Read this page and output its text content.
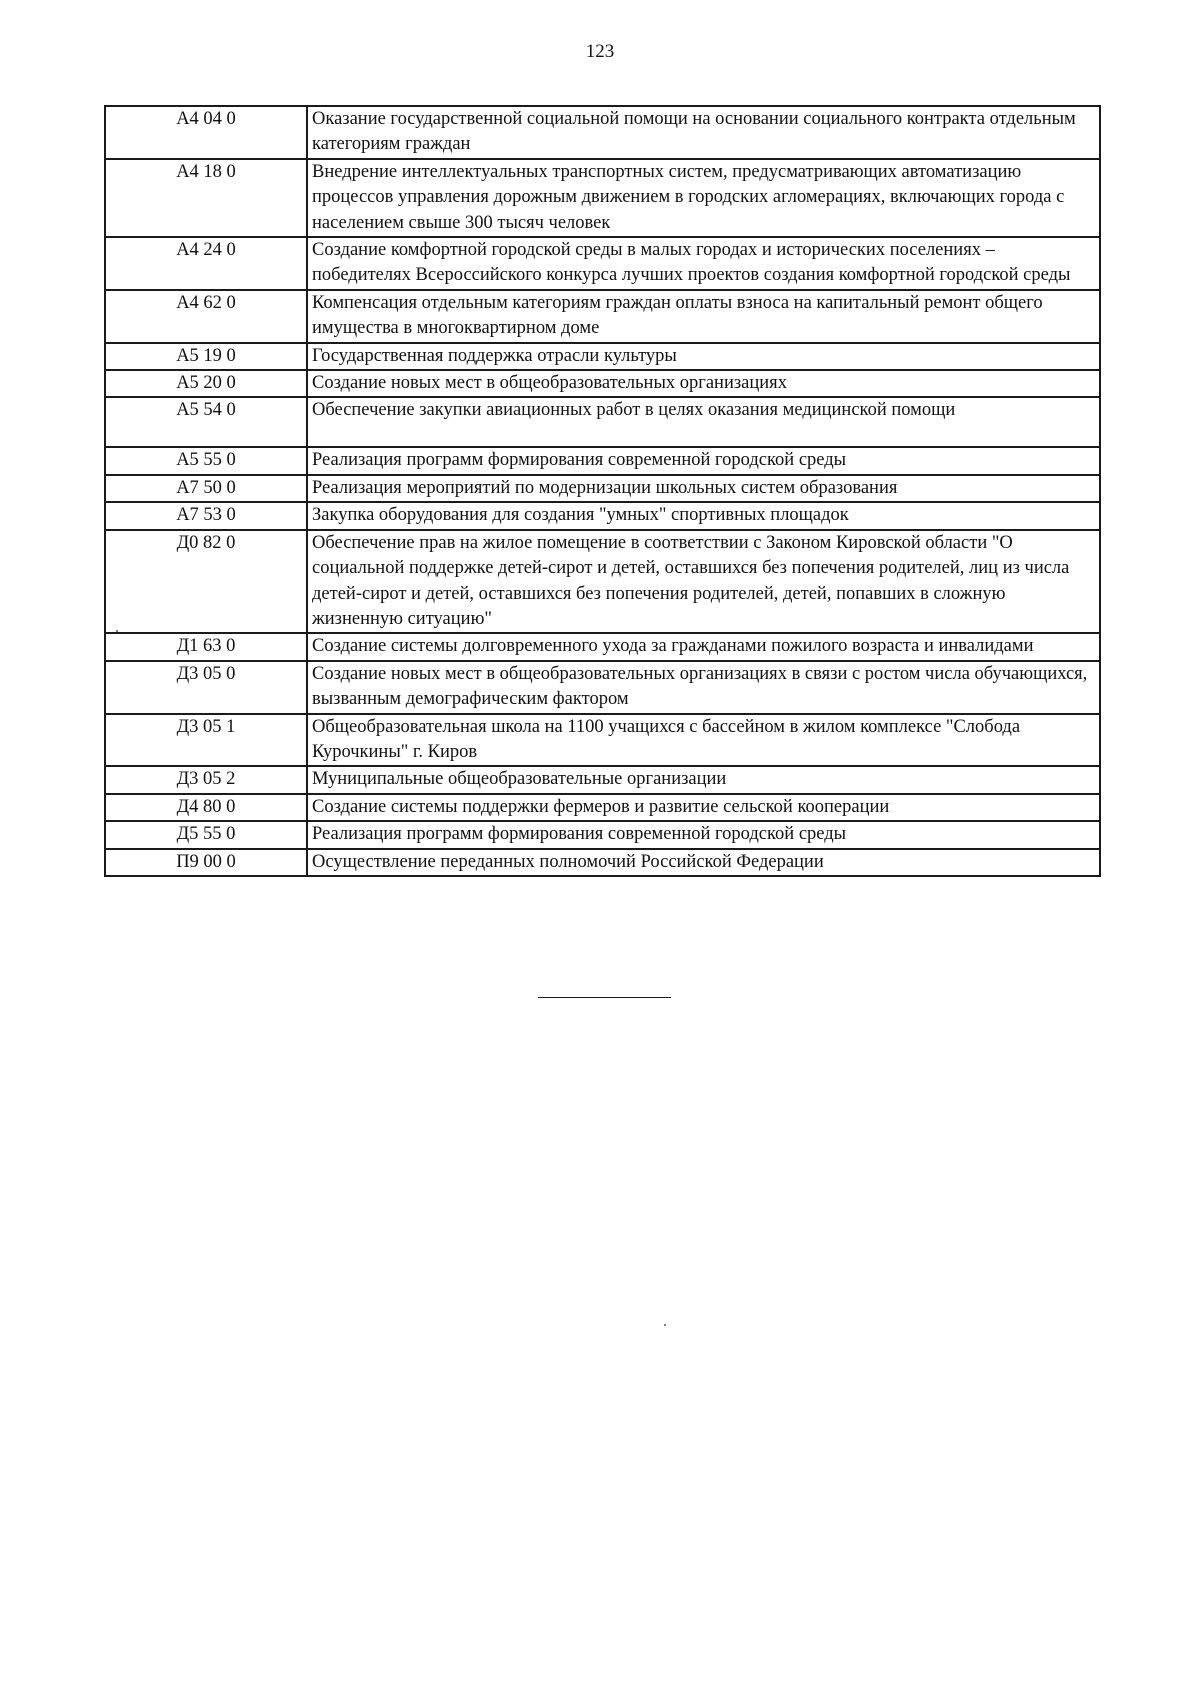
123
А4 04 0	Оказание государственной социальной помощи на основании социального контракта отдельным категориям граждан
А4 18 0	Внедрение интеллектуальных транспортных систем, предусматривающих автоматизацию процессов управления дорожным движением в городских агломерациях, включающих города с населением свыше 300 тысяч человек
А4 24 0	Создание комфортной городской среды в малых городах и исторических поселениях – победителях Всероссийского конкурса лучших проектов создания комфортной городской среды
А4 62 0	Компенсация отдельным категориям граждан оплаты взноса на капитальный ремонт общего имущества в многоквартирном доме
А5 19 0	Государственная поддержка отрасли культуры
А5 20 0	Создание новых мест в общеобразовательных организациях
А5 54 0	Обеспечение закупки авиационных работ в целях оказания медицинской помощи
А5 55 0	Реализация программ формирования современной городской среды
А7 50 0	Реализация мероприятий по модернизации школьных систем образования
А7 53 0	Закупка оборудования для создания "умных" спортивных площадок
Д0 82 0	Обеспечение прав на жилое помещение в соответствии с Законом Кировской области "О социальной поддержке детей-сирот и детей, оставшихся без попечения родителей, лиц из числа детей-сирот и детей, оставшихся без попечения родителей, детей, попавших в сложную жизненную ситуацию"
Д1 63 0	Создание системы долговременного ухода за гражданами пожилого возраста и инвалидами
Д3 05 0	Создание новых мест в общеобразовательных организациях в связи с ростом числа обучающихся, вызванным демографическим фактором
Д3 05 1	Общеобразовательная школа на 1100 учащихся с бассейном в жилом комплексе "Слобода Курочкины" г. Киров
Д3 05 2	Муниципальные общеобразовательные организации
Д4 80 0	Создание системы поддержки фермеров и развитие сельской кооперации
Д5 55 0	Реализация программ формирования современной городской среды
П9 00 0	Осуществление переданных полномочий Российской Федерации
